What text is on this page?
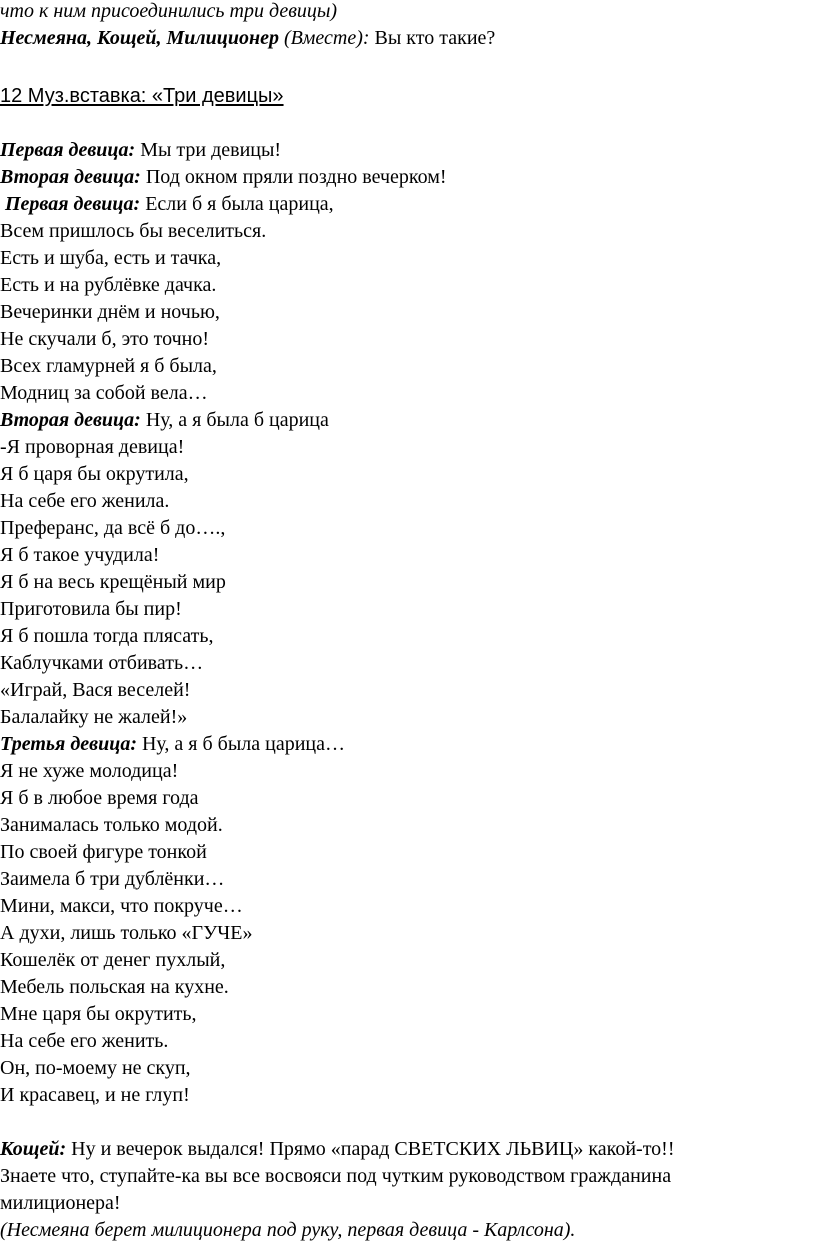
что к ним присоединились три девицы)
Несмеяна, Кощей, Милиционер (Вместе): Вы кто такие?
12 Муз.вставка: «Три девицы»
Первая девица: Мы три девицы!
Вторая девица: Под окном пряли поздно вечерком!
Первая девица: Если б я была царица,
Всем пришлось бы веселиться.
Есть и шуба, есть и тачка,
Есть и на рублёвке дачка.
Вечеринки днём и ночью,
Не скучали б, это точно!
Всех гламурней я б была,
Модниц за собой вела…
Вторая девица: Ну, а я была б царица
-Я проворная девица!
Я б царя бы окрутила,
На себе его женила.
Преферанс, да всё б до….,
Я б такое учудила!
Я б на весь крещёный мир
Приготовила бы пир!
Я б пошла тогда плясать,
Каблучками отбивать…
«Играй, Вася веселей!
Балалайку не жалей!»
Третья девица: Ну, а я б была царица…
Я не хуже молодица!
Я б в любое время года
Занималась только модой.
По своей фигуре тонкой
Заимела б три дублёнки…
Мини, макси, что покруче…
А духи, лишь только «ГУЧЕ»
Кошелёк от денег пухлый,
Мебель польская на кухне.
Мне царя бы окрутить,
На себе его женить.
Он, по-моему не скуп,
И красавец, и не глуп!
Кощей: Ну и вечерок выдался! Прямо «парад СВЕТСКИХ ЛЬВИЦ» какой-то!!
Знаете что, ступайте-ка вы все восвояси под чутким руководством гражданина
милиционера!
(Несмеяна берет милиционера под руку, первая девица - Карлсона).
